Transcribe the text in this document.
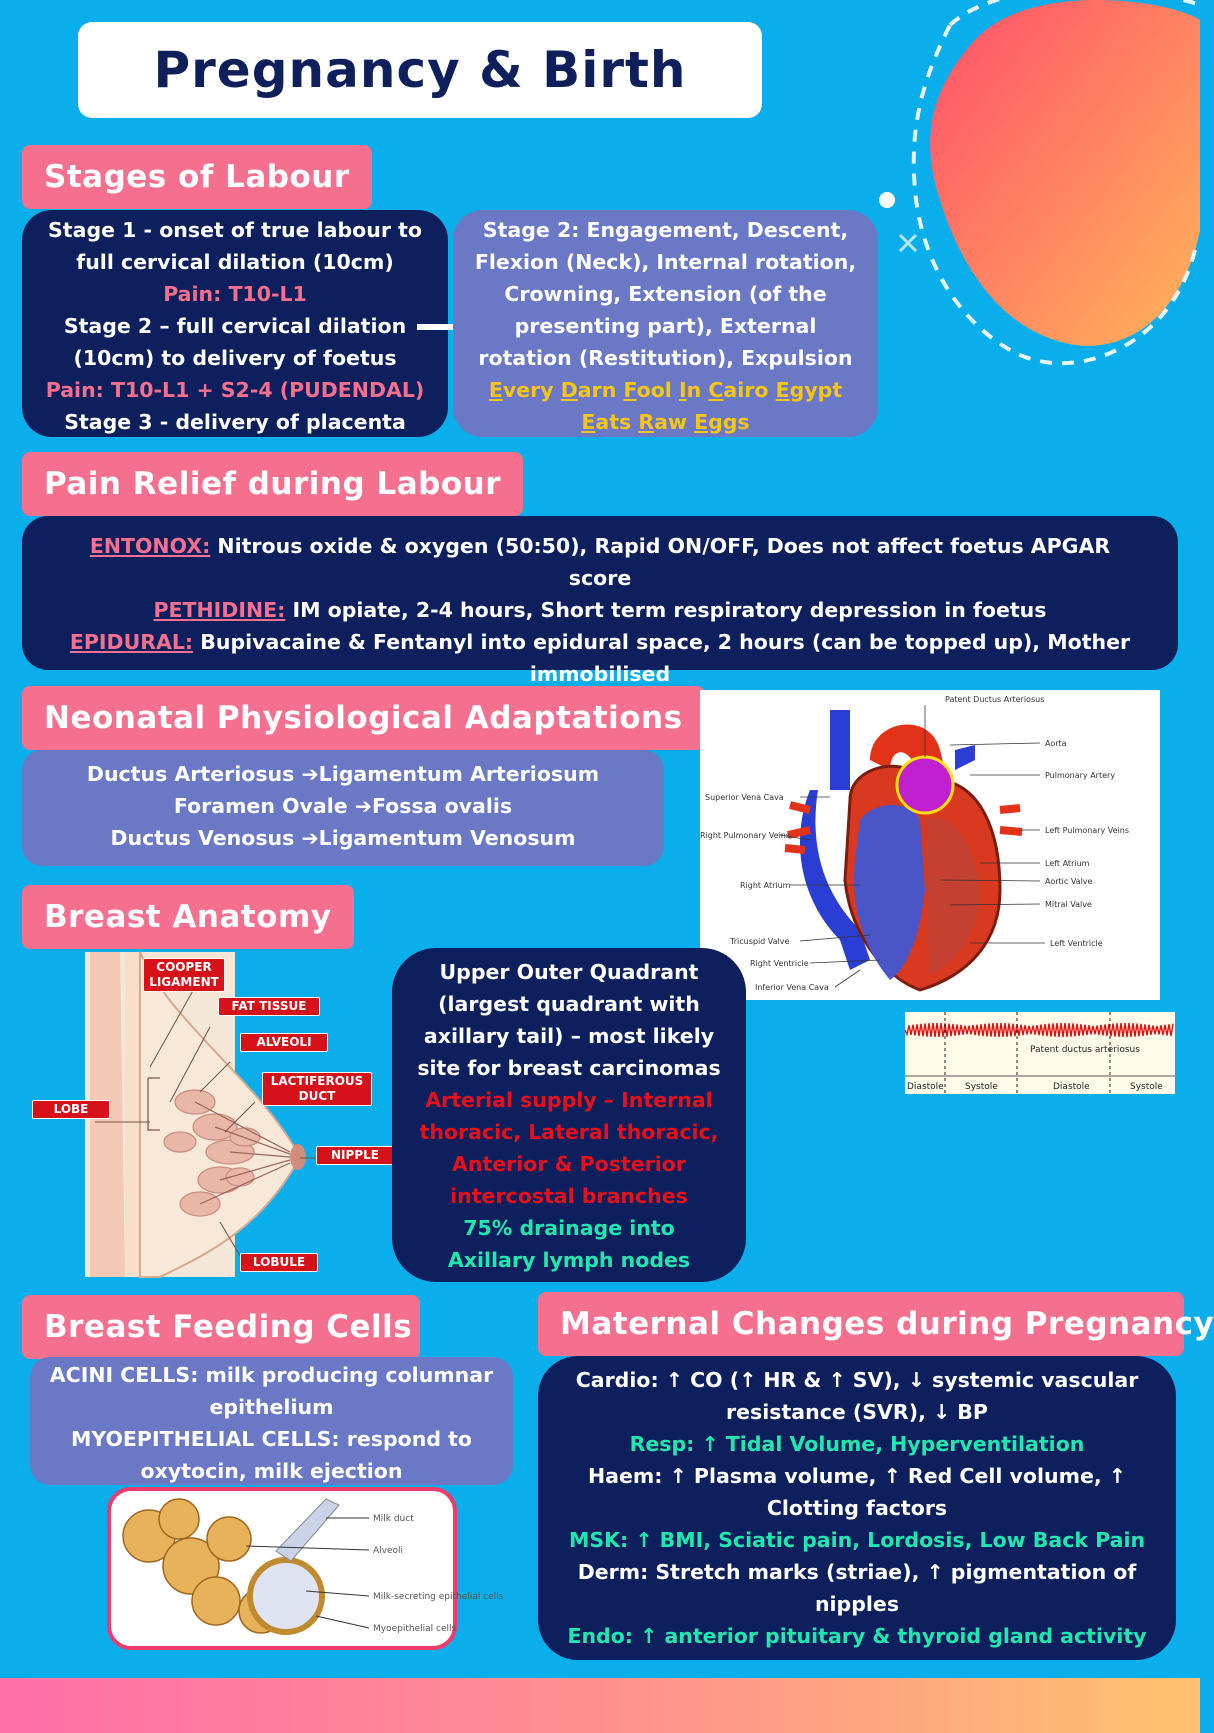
Pregnancy & Birth
Stages of Labour
Stage 1 - onset of true labour to
full cervical dilation (10cm)
Pain: T10-L1
Stage 2 – full cervical dilation
(10cm) to delivery of foetus
Pain: T10-L1 + S2-4 (PUDENDAL)
Stage 3 - delivery of placenta
Stage 2: Engagement, Descent,
Flexion (Neck), Internal rotation,
Crowning, Extension (of the
presenting part), External
rotation (Restitution), Expulsion
Every Darn Fool In Cairo Egypt
Eats Raw Eggs
Pain Relief during Labour
ENTONOX: Nitrous oxide & oxygen (50:50), Rapid ON/OFF, Does not affect foetus APGAR score
PETHIDINE: IM opiate, 2-4 hours, Short term respiratory depression in foetus
EPIDURAL: Bupivacaine & Fentanyl into epidural space, 2 hours (can be topped up), Mother immobilised
Neonatal Physiological Adaptations
Ductus Arteriosus ➔Ligamentum Arteriosum
Foramen Ovale ➔Fossa ovalis
Ductus Venosus ➔Ligamentum Venosum
Patent Ductus Arteriosus
Aorta
Pulmonary Artery
Superior Vena Cava
Right Pulmonary Veins
Left Pulmonary Veins
Left Atrium
Aortic Valve
Right Atrium
Mitral Valve
Tricuspid Valve	Left Ventricle
Right Ventricle
Inferior Vena Cava
Patent ductus arteriosus
Diastole Systole	Diastole	Systole
Breast Anatomy
COOPER LIGAMENT
FAT TISSUE
ALVEOLI
LACTIFEROUS DUCT
LOBE
NIPPLE
LOBULE
Upper Outer Quadrant
(largest quadrant with
axillary tail) – most likely
site for breast carcinomas
Arterial supply – Internal
thoracic, Lateral thoracic,
Anterior & Posterior
intercostal branches
75% drainage into
Axillary lymph nodes
Breast Feeding Cells
ACINI CELLS: milk producing columnar
epithelium
MYOEPITHELIAL CELLS: respond to
oxytocin, milk ejection
Milk duct
Alveoli
Milk-secreting epithelial cells
Myoepithelial cells
Maternal Changes during Pregnancy
Cardio: ↑ CO (↑ HR & ↑ SV), ↓ systemic vascular
resistance (SVR), ↓ BP
Resp: ↑ Tidal Volume, Hyperventilation
Haem: ↑ Plasma volume, ↑ Red Cell volume, ↑
Clotting factors
MSK: ↑ BMI, Sciatic pain, Lordosis, Low Back Pain
Derm: Stretch marks (striae), ↑ pigmentation of
nipples
Endo: ↑ anterior pituitary & thyroid gland activity
